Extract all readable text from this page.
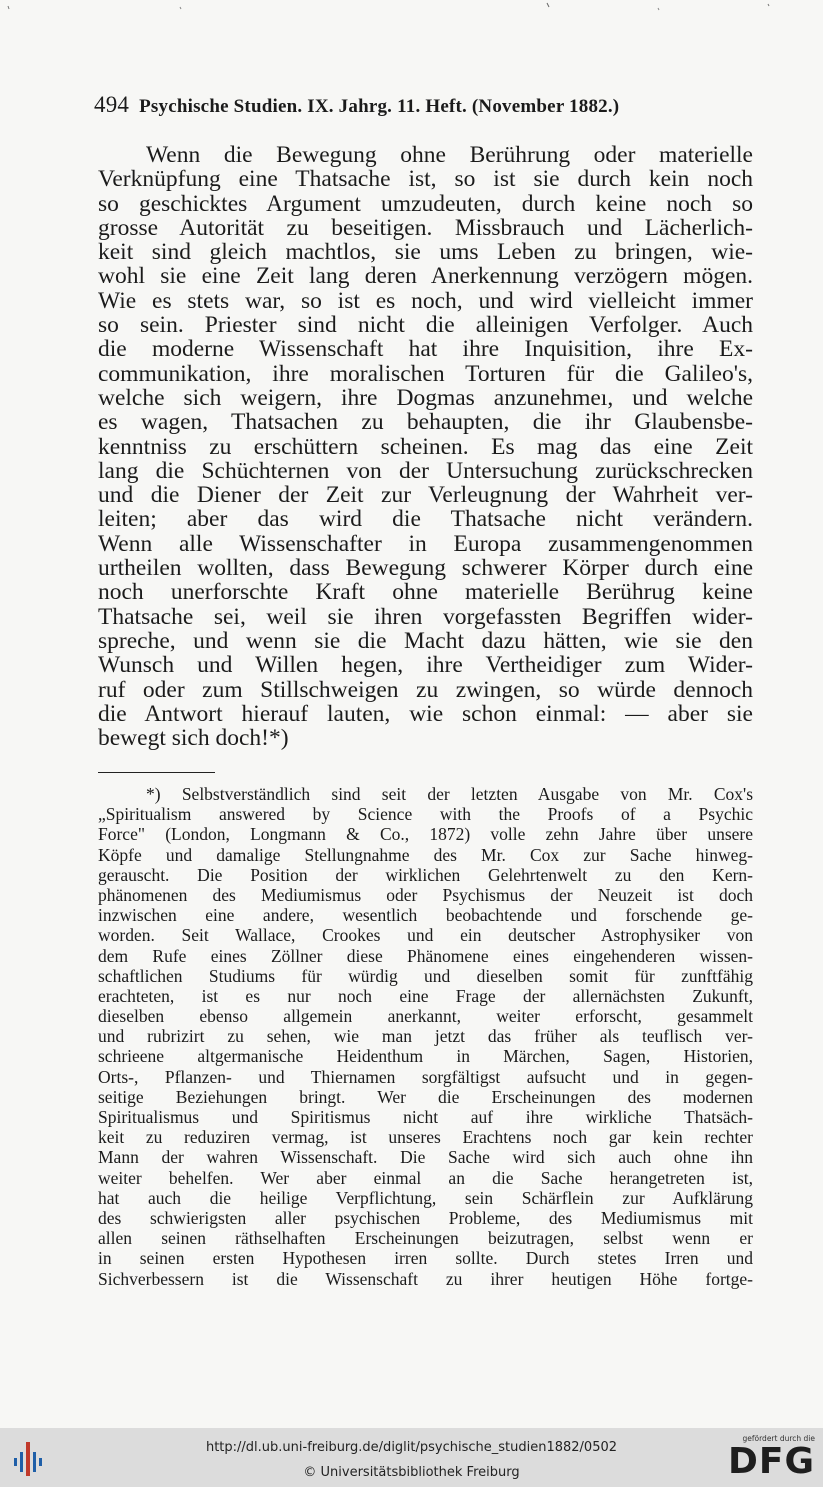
494 Psychische Studien. IX. Jahrg. 11. Heft. (November 1882.)
Wenn die Bewegung ohne Berührung oder materielle
Verknüpfung eine Thatsache ist, so ist sie durch kein noch
so geschicktes Argument umzudeuten, durch keine noch so
grosse Autorität zu beseitigen. Missbrauch und Lächerlich-
keit sind gleich machtlos, sie ums Leben zu bringen, wie-
wohl sie eine Zeit lang deren Anerkennung verzögern mögen.
Wie es stets war, so ist es noch, und wird vielleicht immer
so sein. Priester sind nicht die alleinigen Verfolger. Auch
die moderne Wissenschaft hat ihre Inquisition, ihre Ex-
communikation, ihre moralischen Torturen für die Galileo's,
welche sich weigern, ihre Dogmas anzunehmeı, und welche
es wagen, Thatsachen zu behaupten, die ihr Glaubensbe-
kenntniss zu erschüttern scheinen. Es mag das eine Zeit
lang die Schüchternen von der Untersuchung zurückschrecken
und die Diener der Zeit zur Verleugnung der Wahrheit ver-
leiten; aber das wird die Thatsache nicht verändern.
Wenn alle Wissenschafter in Europa zusammengenommen
urtheilen wollten, dass Bewegung schwerer Körper durch eine
noch unerforschte Kraft ohne materielle Berührug keine
Thatsache sei, weil sie ihren vorgefassten Begriffen wider-
spreche, und wenn sie die Macht dazu hätten, wie sie den
Wunsch und Willen hegen, ihre Vertheidiger zum Wider-
ruf oder zum Stillschweigen zu zwingen, so würde dennoch
die Antwort hierauf lauten, wie schon einmal: — aber sie
bewegt sich doch!*)
*) Selbstverständlich sind seit der letzten Ausgabe von Mr. Cox's
„Spiritualism answered by Science with the Proofs of a Psychic
Force" (London, Longmann & Co., 1872) volle zehn Jahre über unsere
Köpfe und damalige Stellungnahme des Mr. Cox zur Sache hinweg-
gerauscht. Die Position der wirklichen Gelehrtenwelt zu den Kern-
phänomenen des Mediumismus oder Psychismus der Neuzeit ist doch
inzwischen eine andere, wesentlich beobachtende und forschende ge-
worden. Seit Wallace, Crookes und ein deutscher Astrophysiker von
dem Rufe eines Zöllner diese Phänomene eines eingehenderen wissen-
schaftlichen Studiums für würdig und dieselben somit für zunftfähig
erachteten, ist es nur noch eine Frage der allernächsten Zukunft,
dieselben ebenso allgemein anerkannt, weiter erforscht, gesammelt
und rubrizirt zu sehen, wie man jetzt das früher als teuflisch ver-
schrieene altgermanische Heidenthum in Märchen, Sagen, Historien,
Orts-, Pflanzen- und Thiernamen sorgfältigst aufsucht und in gegen-
seitige Beziehungen bringt. Wer die Erscheinungen des modernen
Spiritualismus und Spiritismus nicht auf ihre wirkliche Thatsäch-
keit zu reduziren vermag, ist unseres Erachtens noch gar kein rechter
Mann der wahren Wissenschaft. Die Sache wird sich auch ohne ihn
weiter behelfen. Wer aber einmal an die Sache herangetreten ist,
hat auch die heilige Verpflichtung, sein Schärflein zur Aufklärung
des schwierigsten aller psychischen Probleme, des Mediumismus mit
allen seinen räthselhaften Erscheinungen beizutragen, selbst wenn er
in seinen ersten Hypothesen irren sollte. Durch stetes Irren und
Sichverbessern ist die Wissenschaft zu ihrer heutigen Höhe fortge-
http://dl.ub.uni-freiburg.de/diglit/psychische_studien1882/0502
© Universitätsbibliothek Freiburg
gefördert durch die
DFG
